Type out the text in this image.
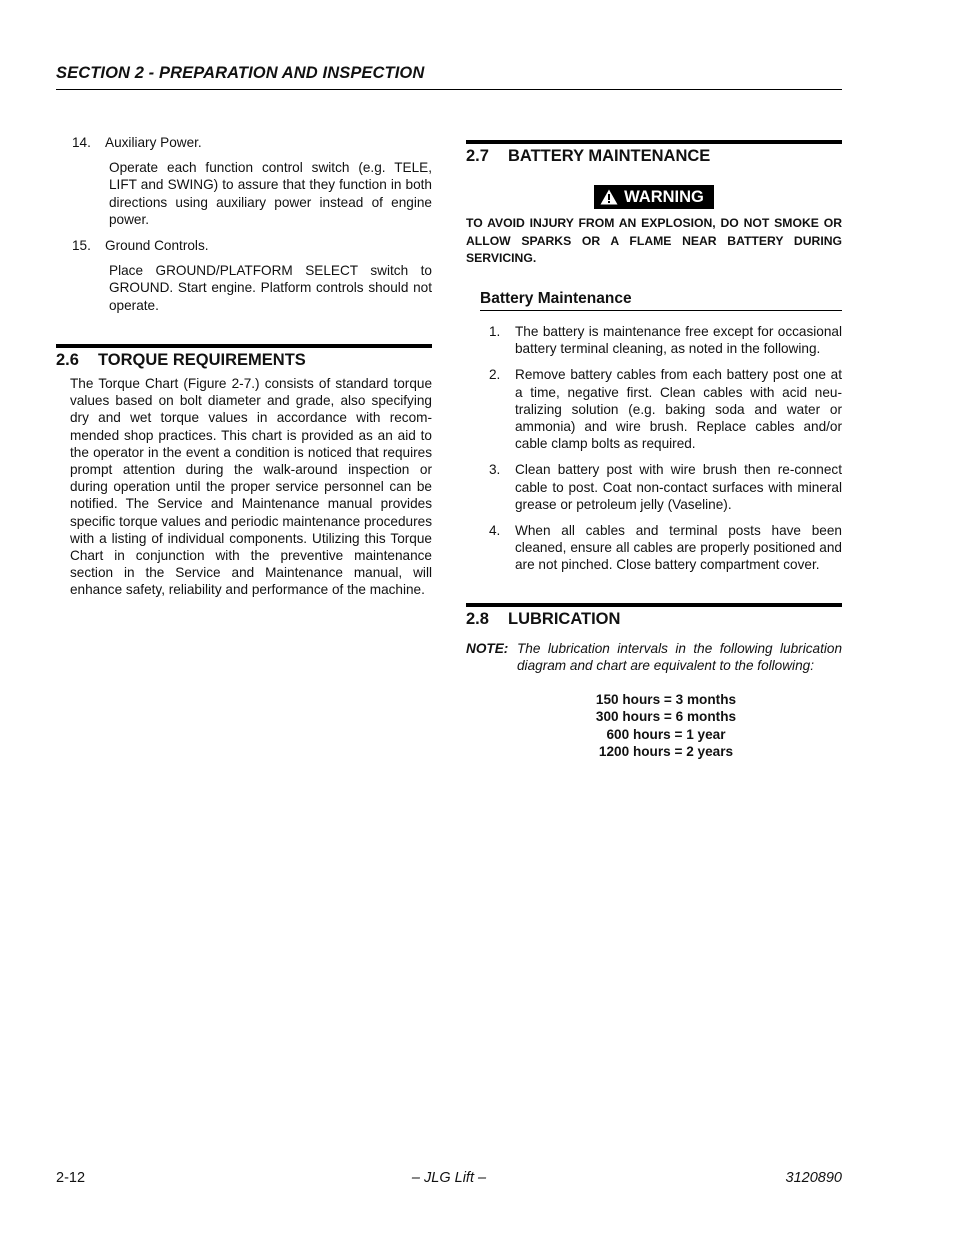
SECTION 2 - PREPARATION AND INSPECTION
14. Auxiliary Power.
Operate each function control switch (e.g. TELE, LIFT and SWING) to assure that they function in both directions using auxiliary power instead of engine power.
15. Ground Controls.
Place GROUND/PLATFORM SELECT switch to GROUND. Start engine. Platform controls should not operate.
2.6 TORQUE REQUIREMENTS
The Torque Chart (Figure 2-7.) consists of standard torque values based on bolt diameter and grade, also specifying dry and wet torque values in accordance with recommended shop practices. This chart is provided as an aid to the operator in the event a condition is noticed that requires prompt attention during the walk-around inspection or during operation until the proper service personnel can be notified. The Service and Maintenance manual provides specific torque values and periodic maintenance procedures with a listing of individual components. Utilizing this Torque Chart in conjunction with the preventive maintenance section in the Service and Maintenance manual, will enhance safety, reliability and performance of the machine.
2.7 BATTERY MAINTENANCE
WARNING
TO AVOID INJURY FROM AN EXPLOSION, DO NOT SMOKE OR ALLOW SPARKS OR A FLAME NEAR BATTERY DURING SERVICING.
Battery Maintenance
1. The battery is maintenance free except for occasional battery terminal cleaning, as noted in the following.
2. Remove battery cables from each battery post one at a time, negative first. Clean cables with acid neutralizing solution (e.g. baking soda and water or ammonia) and wire brush. Replace cables and/or cable clamp bolts as required.
3. Clean battery post with wire brush then re-connect cable to post. Coat non-contact surfaces with mineral grease or petroleum jelly (Vaseline).
4. When all cables and terminal posts have been cleaned, ensure all cables are properly positioned and are not pinched. Close battery compartment cover.
2.8 LUBRICATION
NOTE: The lubrication intervals in the following lubrication diagram and chart are equivalent to the following:
150 hours = 3 months
300 hours = 6 months
600 hours = 1 year
1200 hours = 2 years
2-12	– JLG Lift –	3120890
